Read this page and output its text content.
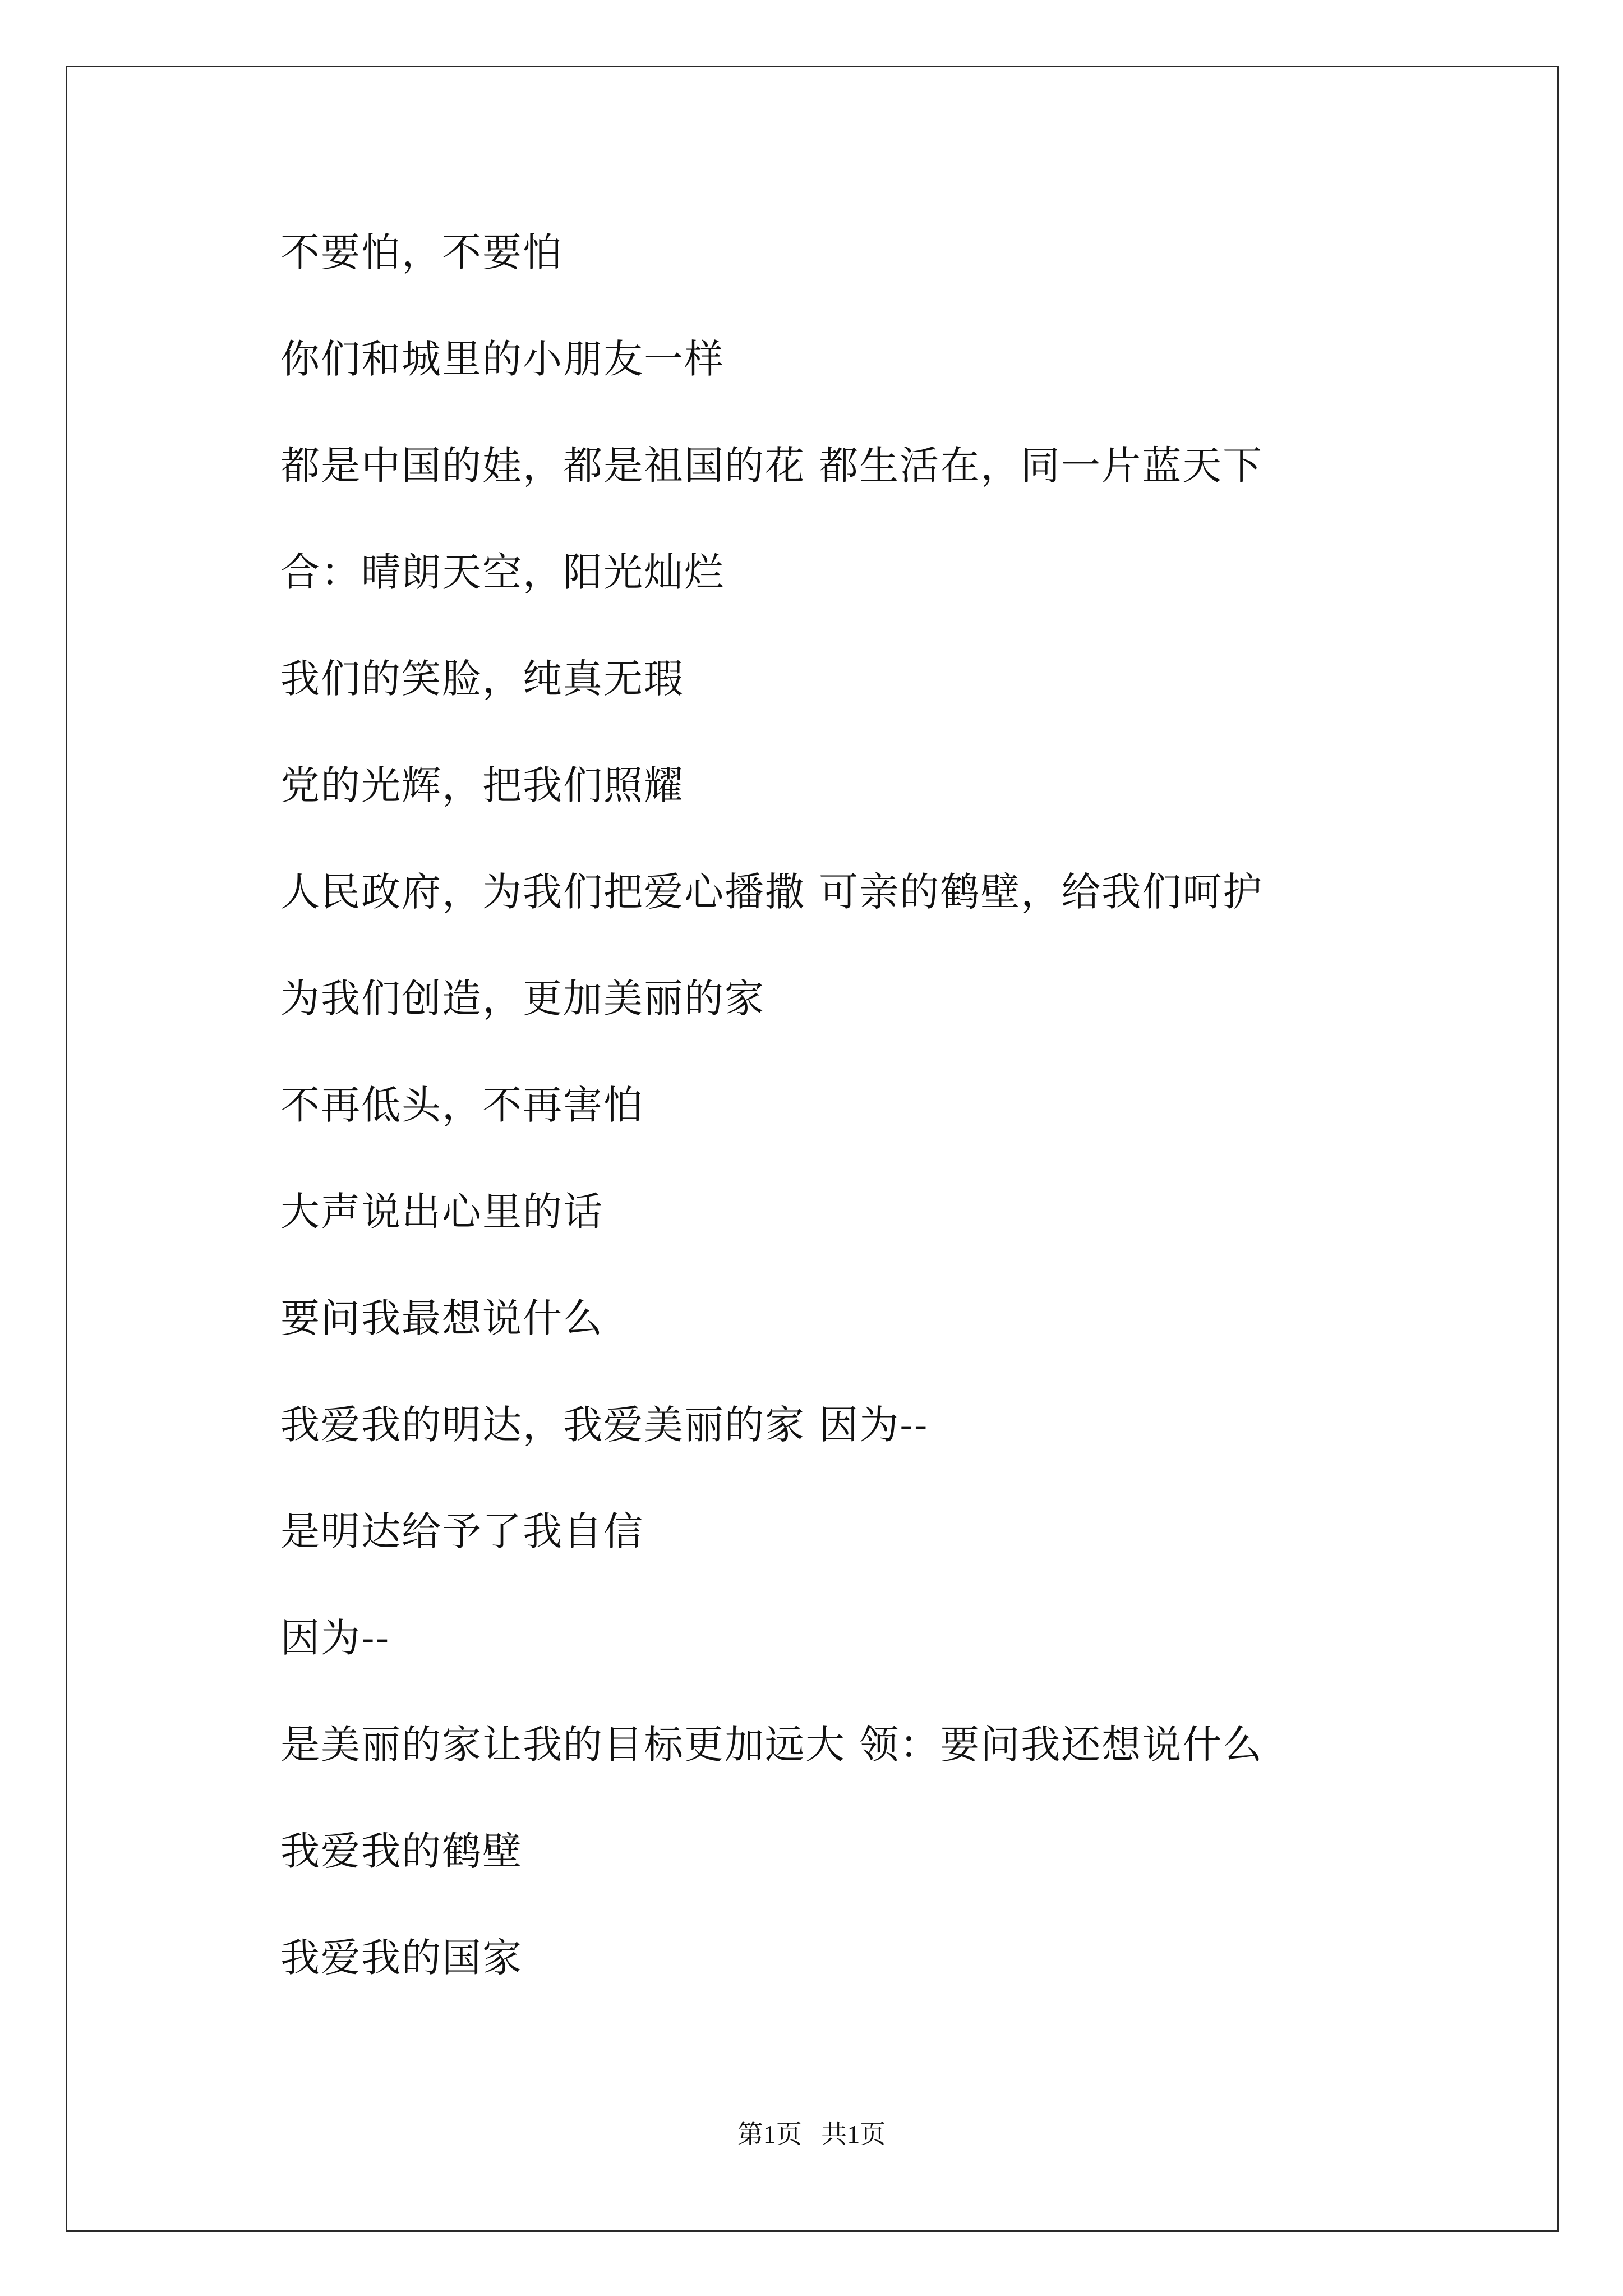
不要怕，不要怕
你们和城里的小朋友一样
都是中国的娃，都是祖国的花 都生活在，同一片蓝天下
合：晴朗天空，阳光灿烂
我们的笑脸，纯真无瑕
党的光辉，把我们照耀
人民政府，为我们把爱心播撒 可亲的鹤壁，给我们呵护
为我们创造，更加美丽的家
不再低头，不再害怕
大声说出心里的话
要问我最想说什么
我爱我的明达，我爱美丽的家 因为--
是明达给予了我自信
因为--
是美丽的家让我的目标更加远大 领：要问我还想说什么
我爱我的鹤壁
我爱我的国家
第1页   共1页
